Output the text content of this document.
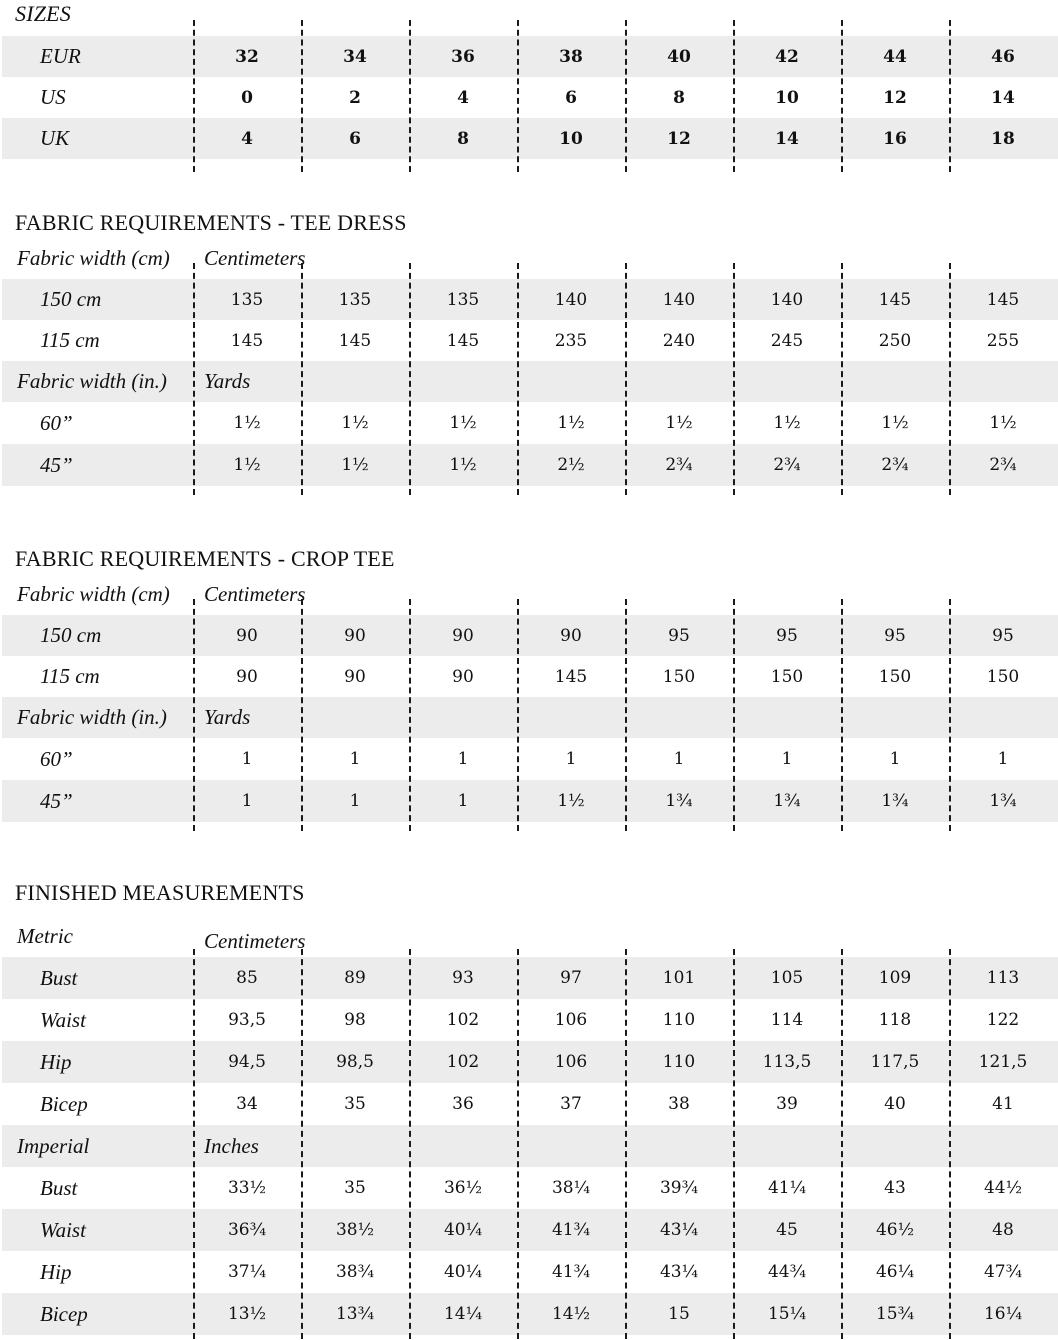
SIZES
EUR	32	34	36	38	40	42	44	46
US	0	2	4	6	8	10	12	14
UK	4	6	8	10	12	14	16	18
FABRIC REQUIREMENTS - TEE DRESS
Fabric width (cm) Centimeters
150 cm	135	135	135	140	140	140	145	145
115 cm	145	145	145	235	240	245	250	255
Fabric width (in.) Yards
60”	1½	1½	1½	1½	1½	1½	1½	1½
45”	1½	1½	1½	2½	2¾	2¾	2¾	2¾
FABRIC REQUIREMENTS - CROP TEE
Fabric width (cm) Centimeters
150 cm	90	90	90	90	95	95	95	95
115 cm	90	90	90	145	150	150	150	150
Fabric width (in.) Yards
60”	1	1	1	1	1	1	1	1
45”	1	1	1	1½	1¾	1¾	1¾	1¾
FINISHED MEASUREMENTS
Metric	Centimeters
Bust	85	89	93	97	101	105	109	113
Waist	93,5	98	102	106	110	114	118	122
Hip	94,5	98,5	102	106	110	113,5	117,5	121,5
Bicep	34	35	36	37	38	39	40	41
Imperial	Inches
Bust	33½	35	36½	38¼	39¾	41¼	43	44½
Waist	36¾	38½	40¼	41¾	43¼	45	46½	48
Hip	37¼	38¾	40¼	41¾	43¼	44¾	46¼	47¾
Bicep	13½	13¾	14¼	14½	15	15¼	15¾	16¼
